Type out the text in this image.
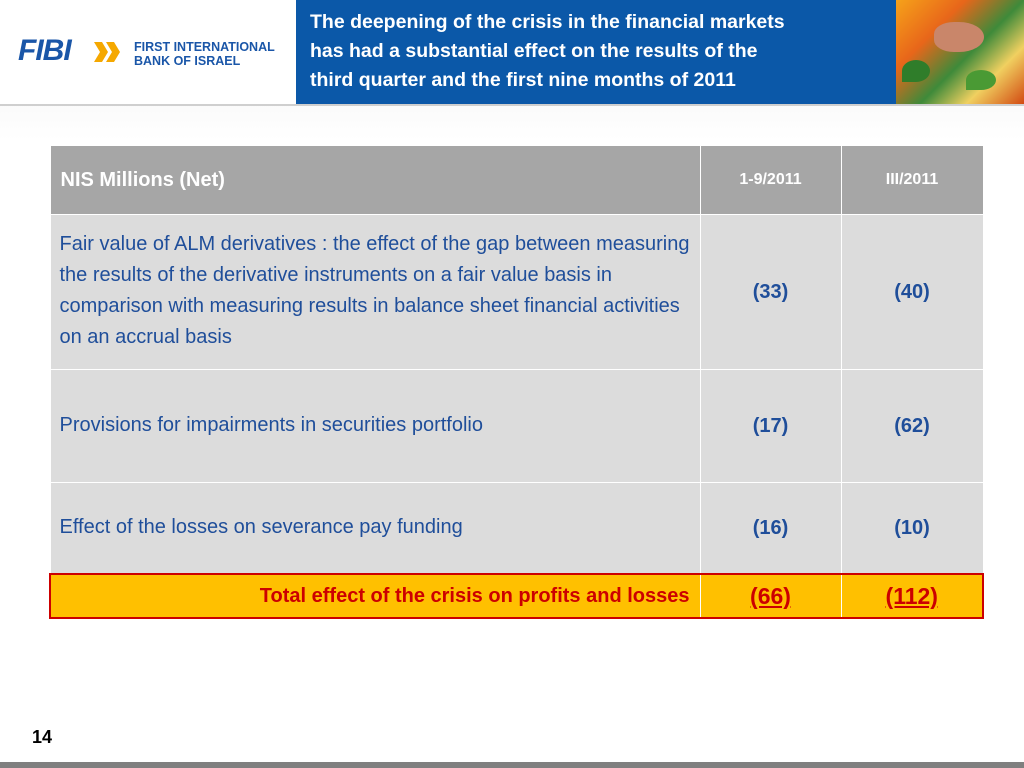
FIBI	FIRST INTERNATIONAL
BANK OF ISRAEL
The deepening of the crisis in the financial markets
has had a substantial effect on the results of the
third quarter and the first nine months of 2011
NIS Millions (Net)	1-9/2011	III/2011
Fair value of ALM derivatives : the effect of the gap between measuring the results of the derivative instruments on a fair value basis in comparison with measuring results in balance sheet financial activities on an accrual basis	(33)	(40)
Provisions for impairments in securities portfolio	(17)	(62)
Effect of the losses on severance pay funding	(16)	(10)
Total effect of the crisis on profits and losses	(66)	(112)
14
